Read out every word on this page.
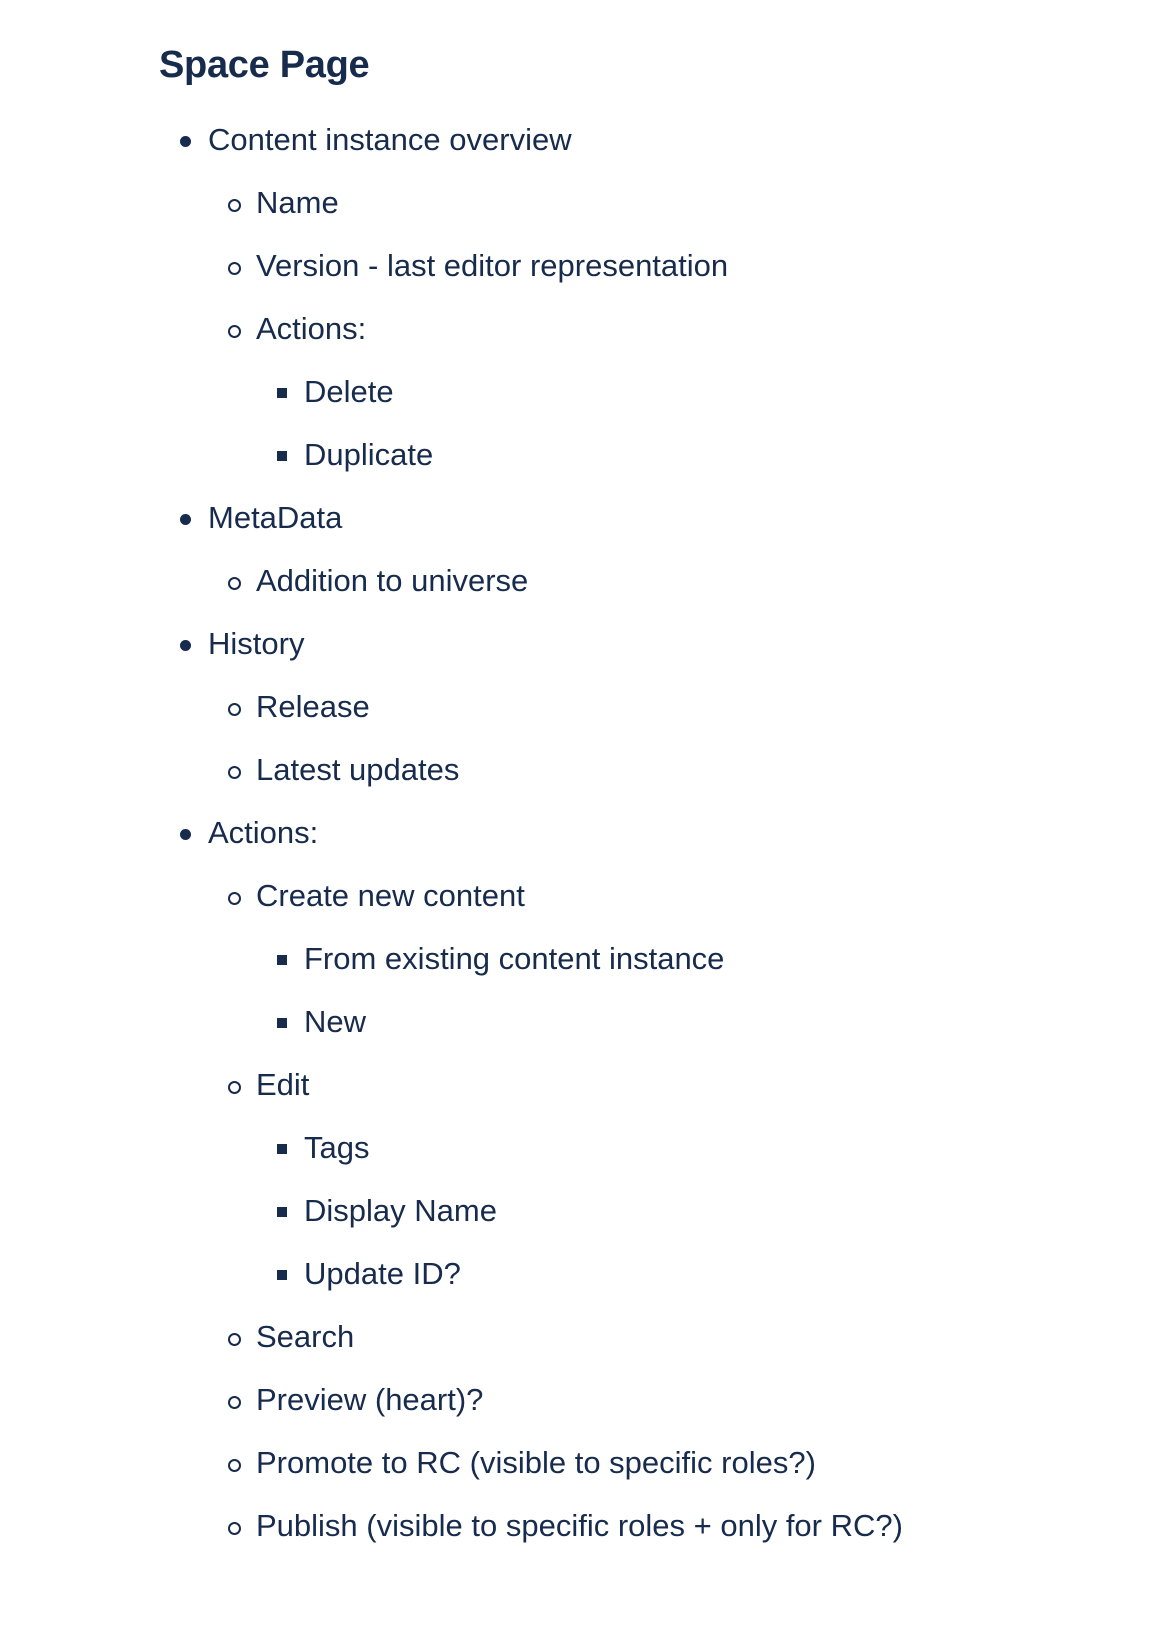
Space Page
Content instance overview
Name
Version - last editor representation
Actions:
Delete
Duplicate
MetaData
Addition to universe
History
Release
Latest updates
Actions:
Create new content
From existing content instance
New
Edit
Tags
Display Name
Update ID?
Search
Preview (heart)?
Promote to RC (visible to specific roles?)
Publish (visible to specific roles + only for RC?)
